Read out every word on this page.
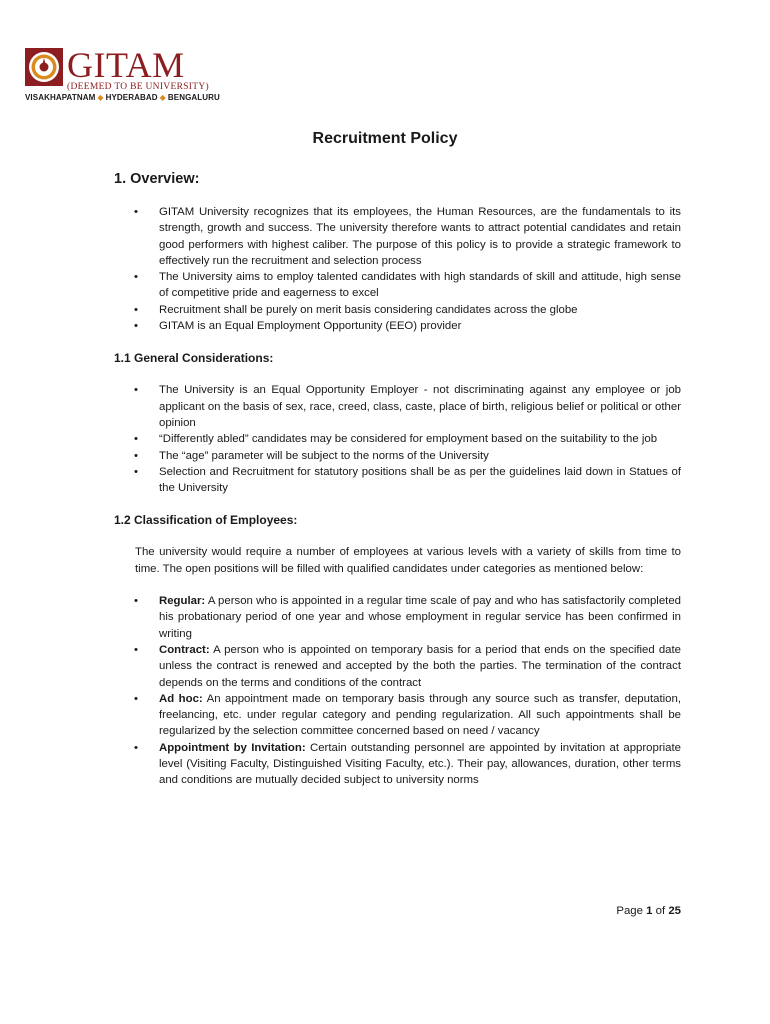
GITAM
(DEEMED TO BE UNIVERSITY)
VISAKHAPATNAM ◆ HYDERABAD ◆ BENGALURU
Recruitment Policy
1. Overview:
• GITAM University recognizes that its employees, the Human Resources, are the fundamentals to its strength, growth and success. The university therefore wants to attract potential candidates and retain good performers with highest caliber. The purpose of this policy is to provide a strategic framework to effectively run the recruitment and selection process
• The University aims to employ talented candidates with high standards of skill and attitude, high sense of competitive pride and eagerness to excel
• Recruitment shall be purely on merit basis considering candidates across the globe
• GITAM is an Equal Employment Opportunity (EEO) provider
1.1 General Considerations:
• The University is an Equal Opportunity Employer - not discriminating against any employee or job applicant on the basis of sex, race, creed, class, caste, place of birth, religious belief or political or other opinion
• “Differently abled” candidates may be considered for employment based on the suitability to the job
• The “age” parameter will be subject to the norms of the University
• Selection and Recruitment for statutory positions shall be as per the guidelines laid down in Statues of the University
1.2 Classification of Employees:

The university would require a number of employees at various levels with a variety of skills from time to time. The open positions will be filled with qualified candidates under categories as mentioned below:

• Regular: A person who is appointed in a regular time scale of pay and who has satisfactorily completed his probationary period of one year and whose employment in regular service has been confirmed in writing
• Contract: A person who is appointed on temporary basis for a period that ends on the specified date unless the contract is renewed and accepted by the both the parties. The termination of the contract depends on the terms and conditions of the contract
• Ad hoc: An appointment made on temporary basis through any source such as transfer, deputation, freelancing, etc. under regular category and pending regularization. All such appointments shall be regularized by the selection committee concerned based on need / vacancy
• Appointment by Invitation: Certain outstanding personnel are appointed by invitation at appropriate level (Visiting Faculty, Distinguished Visiting Faculty, etc.). Their pay, allowances, duration, other terms and conditions are mutually decided subject to university norms
Page 1 of 25
